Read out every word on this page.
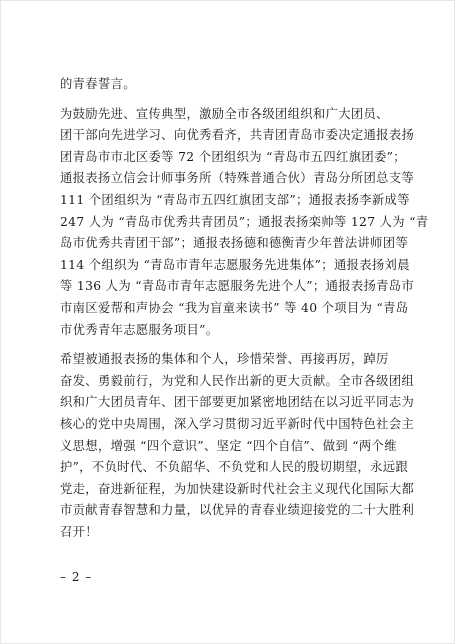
的青春誓言。
为鼓励先进、宣传典型，激励全市各级团组织和广大团员、
团干部向先进学习、向优秀看齐，共青团青岛市委决定通报表扬
团青岛市市北区委等 72 个团组织为 “青岛市五四红旗团委”；
通报表扬立信会计师事务所（特殊普通合伙）青岛分所团总支等
111 个团组织为 “青岛市五四红旗团支部”；通报表扬李新成等
247 人为 “青岛市优秀共青团员”；通报表扬栾帅等 127 人为 “青
岛市优秀共青团干部”；通报表扬德和德衡青少年普法讲师团等
114 个组织为 “青岛市青年志愿服务先进集体”；通报表扬刘晨
等 136 人为 “青岛市青年志愿服务先进个人”；通报表扬青岛市
市南区爱帮和声协会 “我为盲童来读书” 等 40 个项目为 “青岛
市优秀青年志愿服务项目”。
希望被通报表扬的集体和个人，珍惜荣誉、再接再厉，踔厉
奋发、勇毅前行，为党和人民作出新的更大贡献。全市各级团组
织和广大团员青年、团干部要更加紧密地团结在以习近平同志为
核心的党中央周围，深入学习贯彻习近平新时代中国特色社会主
义思想，增强 “四个意识”、坚定 “四个自信”、做到 “两个维
护”，不负时代、不负韶华、不负党和人民的殷切期望，永远跟
党走，奋进新征程，为加快建设新时代社会主义现代化国际大都
市贡献青春智慧和力量，以优异的青春业绩迎接党的二十大胜利
召开！
– 2 –
